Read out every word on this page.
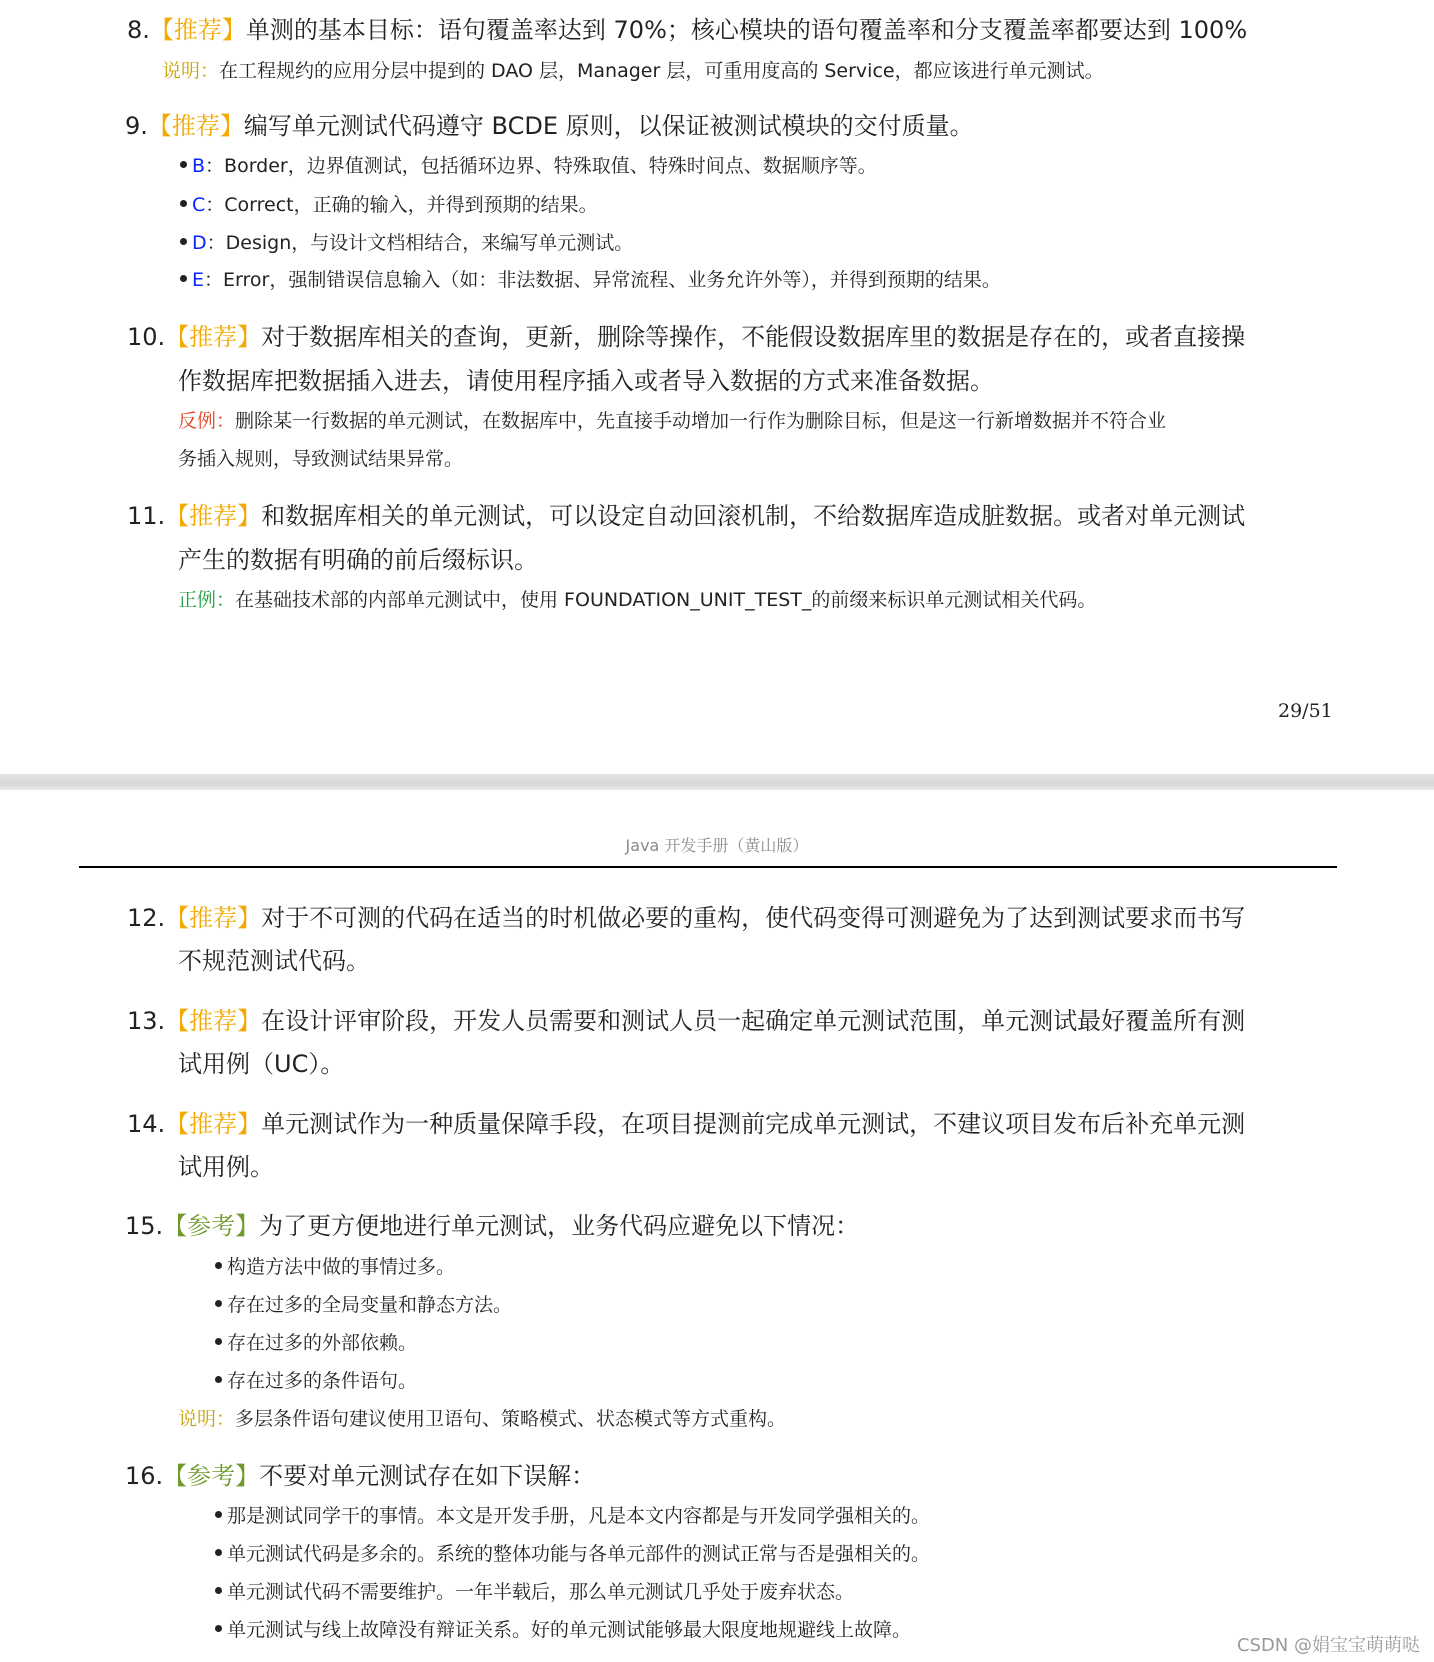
8.【推荐】单测的基本目标：语句覆盖率达到 70%；核心模块的语句覆盖率和分支覆盖率都要达到 100%
说明：在工程规约的应用分层中提到的 DAO 层，Manager 层，可重用度高的 Service，都应该进行单元测试。
9.【推荐】编写单元测试代码遵守 BCDE 原则，以保证被测试模块的交付质量。
B：Border，边界值测试，包括循环边界、特殊取值、特殊时间点、数据顺序等。
C：Correct，正确的输入，并得到预期的结果。
D：Design，与设计文档相结合，来编写单元测试。
E：Error，强制错误信息输入（如：非法数据、异常流程、业务允许外等），并得到预期的结果。
10.【推荐】对于数据库相关的查询，更新，删除等操作，不能假设数据库里的数据是存在的，或者直接操
作数据库把数据插入进去，请使用程序插入或者导入数据的方式来准备数据。
反例：删除某一行数据的单元测试，在数据库中，先直接手动增加一行作为删除目标，但是这一行新增数据并不符合业
务插入规则，导致测试结果异常。
11.【推荐】和数据库相关的单元测试，可以设定自动回滚机制，不给数据库造成脏数据。或者对单元测试
产生的数据有明确的前后缀标识。
正例：在基础技术部的内部单元测试中，使用 FOUNDATION_UNIT_TEST_的前缀来标识单元测试相关代码。
29/51
Java 开发手册（黄山版）
12.【推荐】对于不可测的代码在适当的时机做必要的重构，使代码变得可测避免为了达到测试要求而书写
不规范测试代码。
13.【推荐】在设计评审阶段，开发人员需要和测试人员一起确定单元测试范围，单元测试最好覆盖所有测
试用例（UC）。
14.【推荐】单元测试作为一种质量保障手段，在项目提测前完成单元测试，不建议项目发布后补充单元测
试用例。
15.【参考】为了更方便地进行单元测试，业务代码应避免以下情况：
构造方法中做的事情过多。
存在过多的全局变量和静态方法。
存在过多的外部依赖。
存在过多的条件语句。
说明：多层条件语句建议使用卫语句、策略模式、状态模式等方式重构。
16.【参考】不要对单元测试存在如下误解：
那是测试同学干的事情。本文是开发手册，凡是本文内容都是与开发同学强相关的。
单元测试代码是多余的。系统的整体功能与各单元部件的测试正常与否是强相关的。
单元测试代码不需要维护。一年半载后，那么单元测试几乎处于废弃状态。
单元测试与线上故障没有辩证关系。好的单元测试能够最大限度地规避线上故障。
CSDN @娟宝宝萌萌哒
